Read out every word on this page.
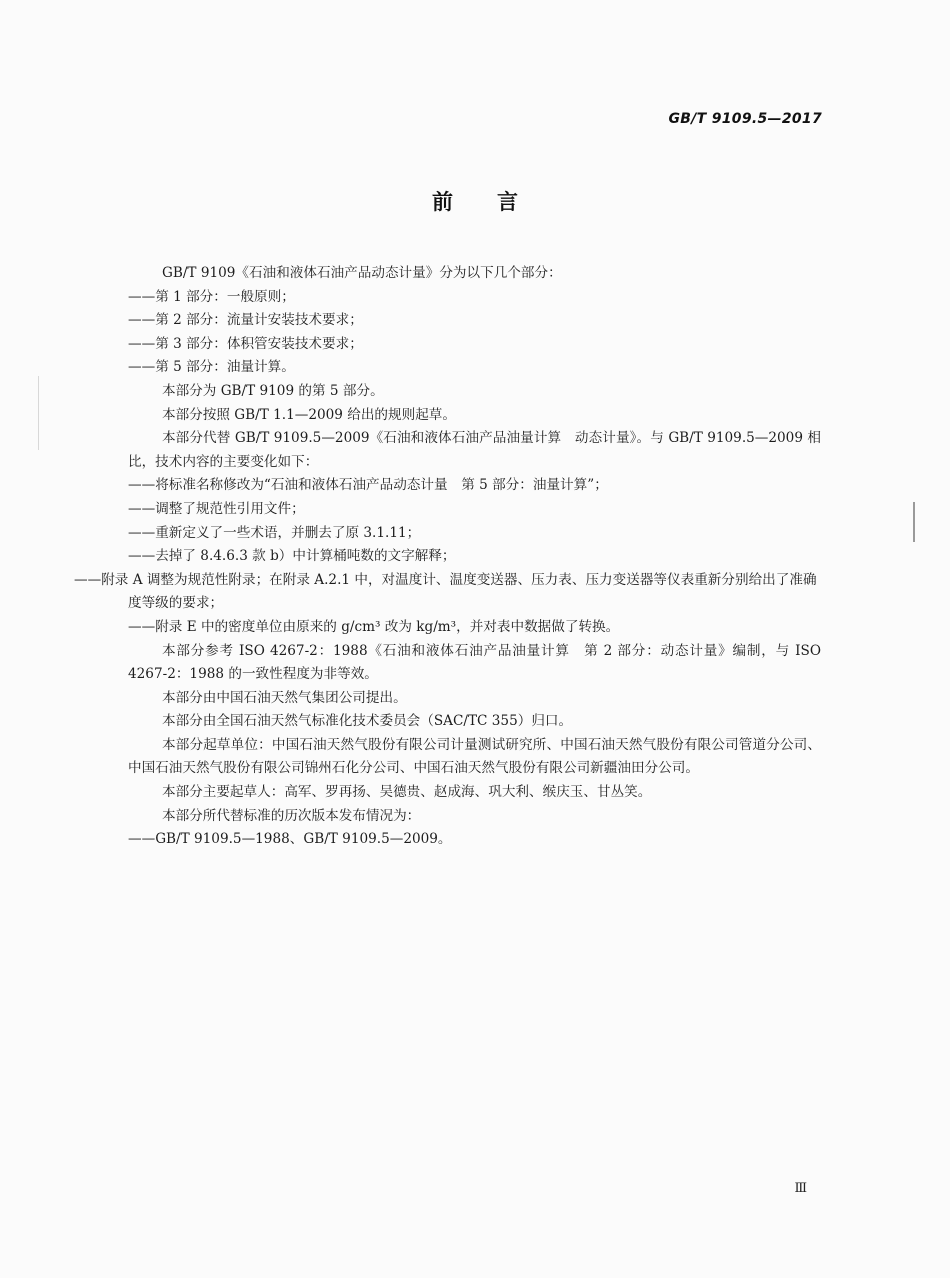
GB/T 9109.5—2017
前言

GB/T 9109《石油和液体石油产品动态计量》分为以下几个部分：

——第 1 部分：一般原则；

——第 2 部分：流量计安装技术要求；

——第 3 部分：体积管安装技术要求；

——第 5 部分：油量计算。

本部分为 GB/T 9109 的第 5 部分。

本部分按照 GB/T 1.1—2009 给出的规则起草。

本部分代替 GB/T 9109.5—2009《石油和液体石油产品油量计算　动态计量》。与 GB/T 9109.5—2009 相比，技术内容的主要变化如下：

——将标准名称修改为“石油和液体石油产品动态计量　第 5 部分：油量计算”；

——调整了规范性引用文件；

——重新定义了一些术语，并删去了原 3.1.11；

——去掉了 8.4.6.3 款 b）中计算桶吨数的文字解释；

——附录 A 调整为规范性附录；在附录 A.2.1 中，对温度计、温度变送器、压力表、压力变送器等仪表重新分别给出了准确度等级的要求；

——附录 E 中的密度单位由原来的 g/cm³ 改为 kg/m³，并对表中数据做了转换。

本部分参考 ISO 4267-2：1988《石油和液体石油产品油量计算　第 2 部分：动态计量》编制，与 ISO 4267-2：1988 的一致性程度为非等效。

本部分由中国石油天然气集团公司提出。

本部分由全国石油天然气标准化技术委员会（SAC/TC 355）归口。

本部分起草单位：中国石油天然气股份有限公司计量测试研究所、中国石油天然气股份有限公司管道分公司、中国石油天然气股份有限公司锦州石化分公司、中国石油天然气股份有限公司新疆油田分公司。

本部分主要起草人：高军、罗再扬、吴德贵、赵成海、巩大利、缑庆玉、甘丛笑。

本部分所代替标准的历次版本发布情况为：

——GB/T 9109.5—1988、GB/T 9109.5—2009。

Ⅲ
